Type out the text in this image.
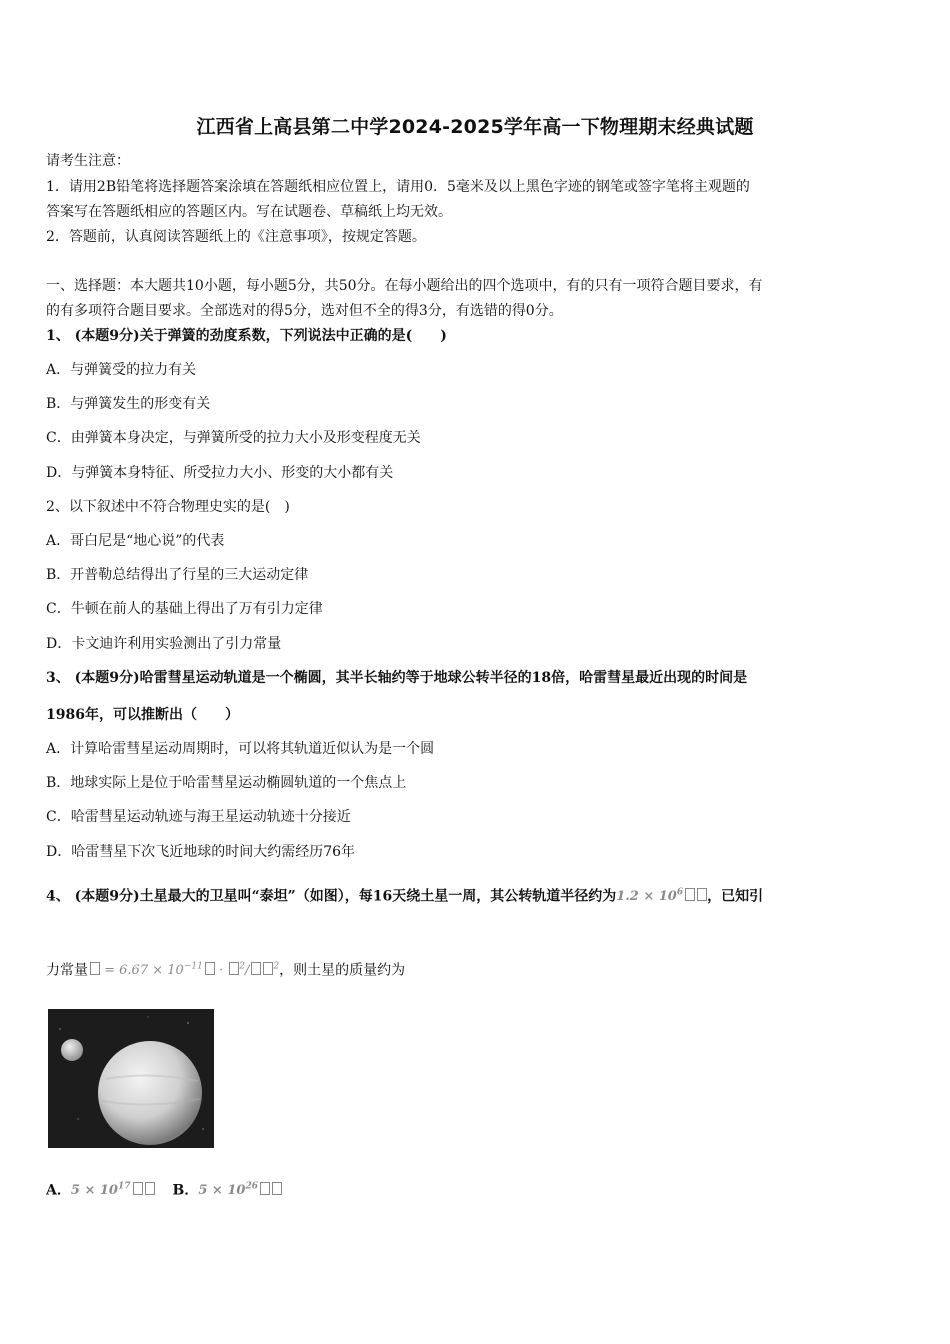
江西省上高县第二中学2024-2025学年高一下物理期末经典试题
请考生注意：
1．请用2B铅笔将选择题答案涂填在答题纸相应位置上，请用0．5毫米及以上黑色字迹的钢笔或签字笔将主观题的
答案写在答题纸相应的答题区内。写在试题卷、草稿纸上均无效。
2．答题前，认真阅读答题纸上的《注意事项》，按规定答题。
一、选择题：本大题共10小题，每小题5分，共50分。在每小题给出的四个选项中，有的只有一项符合题目要求，有
的有多项符合题目要求。全部选对的得5分，选对但不全的得3分，有选错的得0分。
1、 (本题9分)关于弹簧的劲度系数，下列说法中正确的是(　　)
A．与弹簧受的拉力有关
B．与弹簧发生的形变有关
C．由弹簧本身决定，与弹簧所受的拉力大小及形变程度无关
D．与弹簧本身特征、所受拉力大小、形变的大小都有关
2、以下叙述中不符合物理史实的是(　)
A．哥白尼是“地心说”的代表
B．开普勒总结得出了行星的三大运动定律
C．牛顿在前人的基础上得出了万有引力定律
D．卡文迪许利用实验测出了引力常量
3、 (本题9分)哈雷彗星运动轨道是一个椭圆，其半长轴约等于地球公转半径的18倍，哈雷彗星最近出现的时间是
1986年，可以推断出（　　）
A．计算哈雷彗星运动周期时，可以将其轨道近似认为是一个圆
B．地球实际上是位于哈雷彗星运动椭圆轨道的一个焦点上
C．哈雷彗星运动轨迹与海王星运动轨迹十分接近
D．哈雷彗星下次飞近地球的时间大约需经历76年
4、 (本题9分)土星最大的卫星叫“泰坦”（如图），每16天绕土星一周，其公转轨道半径约为$1.2 \times 10^6$ ，已知引
力常量 = $6.67 \times 10^{-11} \cdot ^2/$	$^2$，则土星的质量约为
A．$5 \times 10^{17}$	B．$5 \times 10^{26}$
